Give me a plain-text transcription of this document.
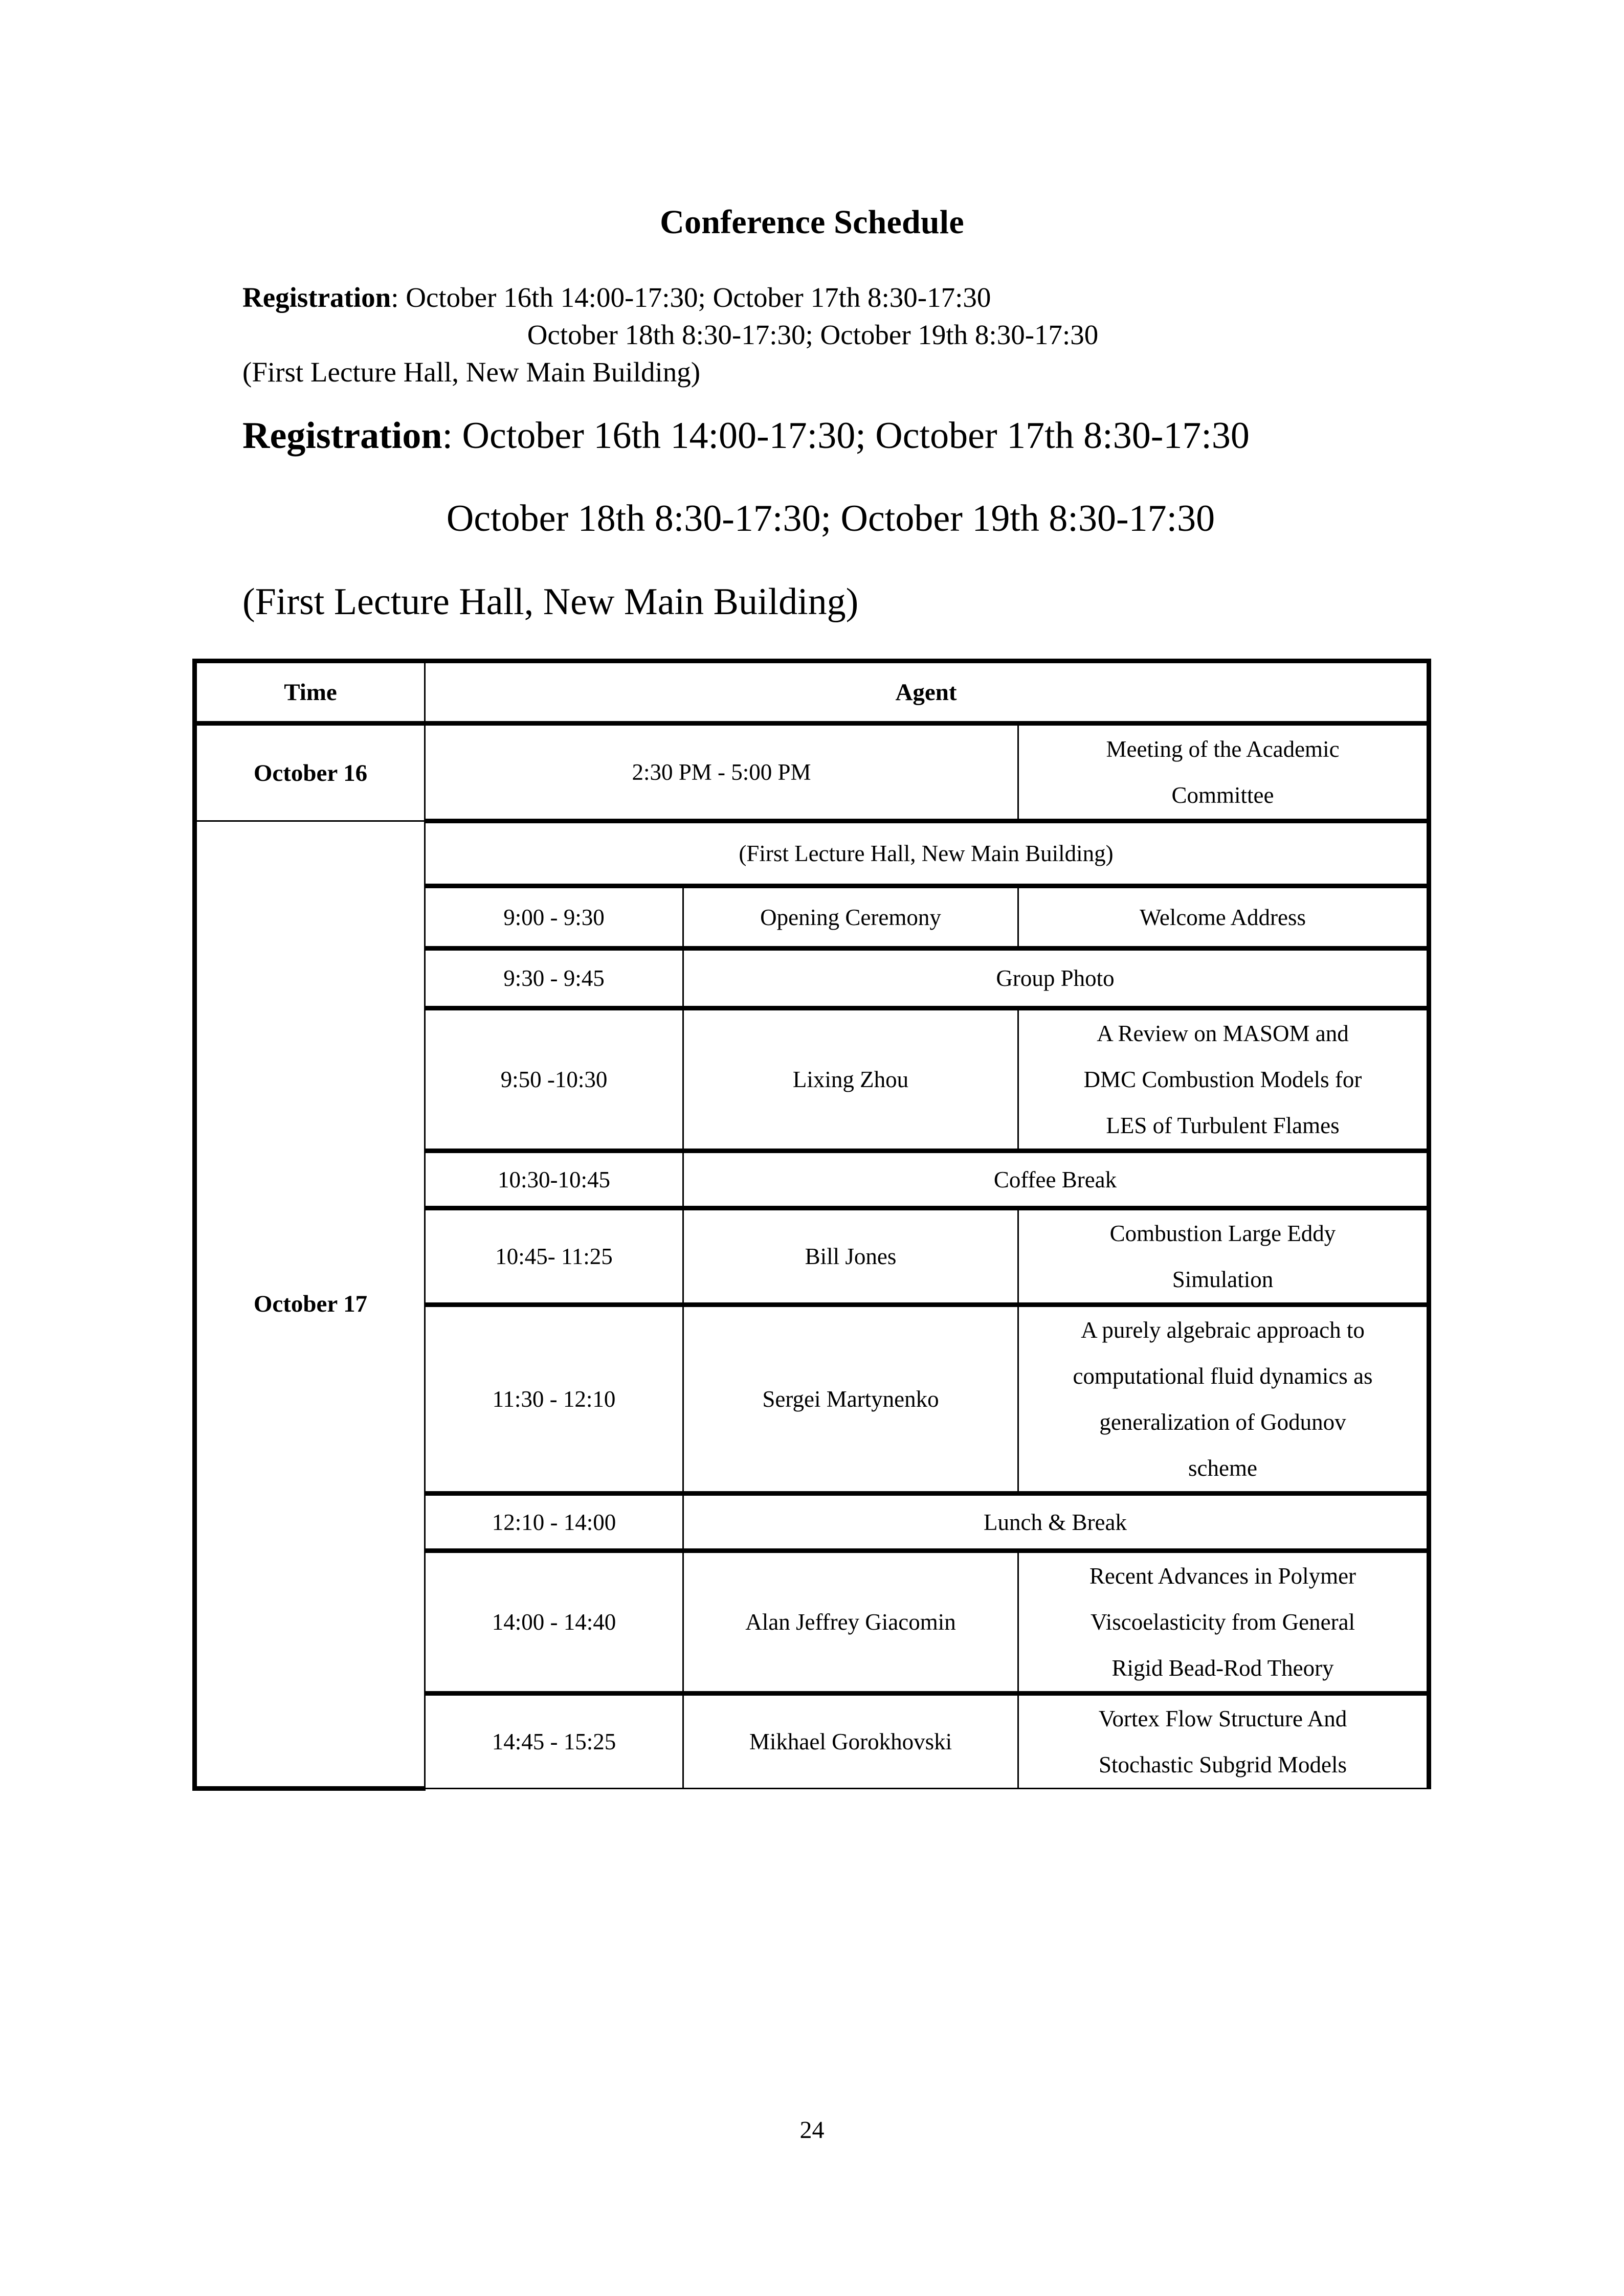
Conference Schedule
Registration: October 16th 14:00-17:30; October 17th 8:30-17:30
October 18th 8:30-17:30; October 19th 8:30-17:30
(First Lecture Hall, New Main Building)
Registration: October 16th 14:00-17:30; October 17th 8:30-17:30
October 18th 8:30-17:30; October 19th 8:30-17:30
(First Lecture Hall, New Main Building)
Time	Agent		
October 16	2:30 PM - 5:00 PM		Meeting of the Academic
Committee

October 17	(First Lecture Hall, New Main Building)		
	9:00 - 9:30	Opening Ceremony	Welcome Address
	9:30 - 9:45	Group Photo	
	9:50 -10:30	Lixing Zhou	A Review on MASOM and
DMC Combustion Models for
LES of Turbulent Flames

	10:30-10:45	Coffee Break	
	10:45- 11:25	Bill Jones	Combustion Large Eddy
Simulation

	11:30 - 12:10	Sergei Martynenko	A purely algebraic approach to
computational fluid dynamics as
generalization of Godunov
scheme

	12:10 - 14:00	Lunch & Break	
	14:00 - 14:40	Alan Jeffrey Giacomin	Recent Advances in Polymer
Viscoelasticity from General
Rigid Bead-Rod Theory

	14:45 - 15:25	Mikhael Gorokhovski	Vortex Flow Structure And
Stochastic Subgrid Models
24
